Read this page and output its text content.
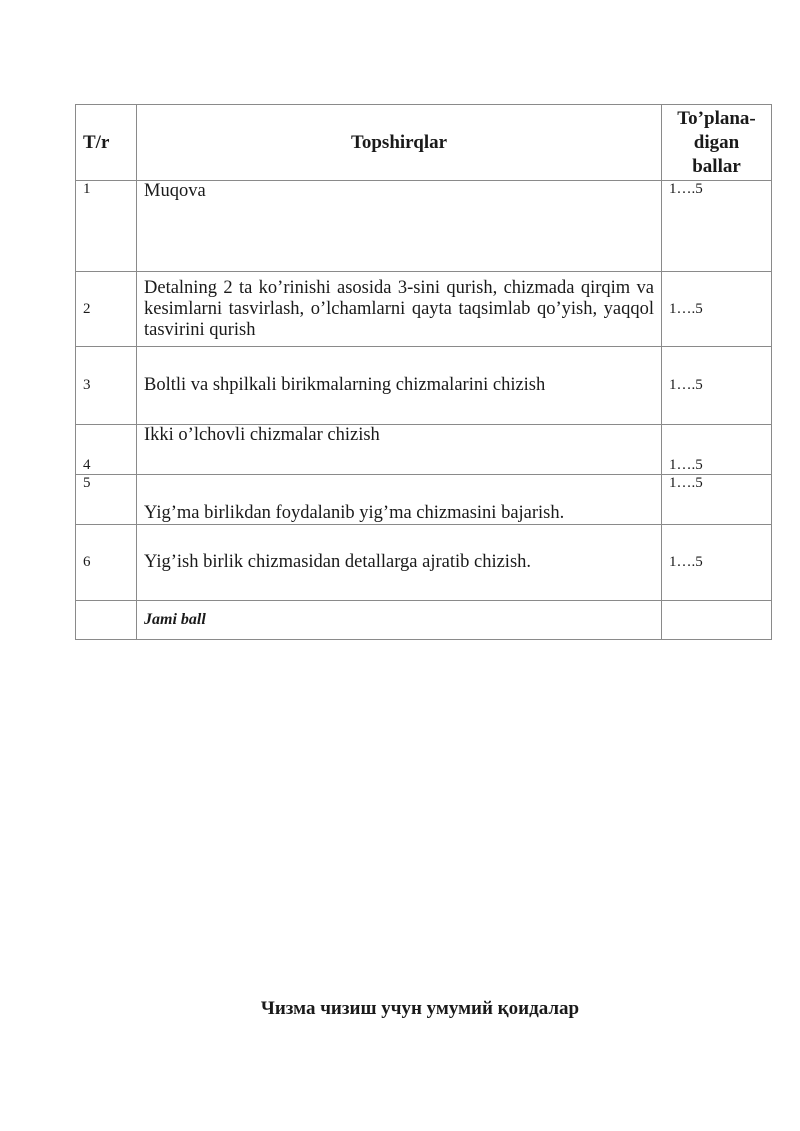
T/r	Topshirqlar	To’plana-
digan
ballar

1	Muqova	1….5
2	Detalning 2 ta ko’rinishi asosida 3-sini qurish, chizmada qirqim va kesimlarni tasvirlash, o’lchamlarni qayta taqsimlab qo’yish, yaqqol tasvirini qurish	1….5
3	Boltli va shpilkali birikmalarning chizmalarini chizish	1….5
4	Ikki o’lchovli chizmalar chizish	1….5
5	Yig’ma birlikdan foydalanib yig’ma chizmasini bajarish.	1….5
6	Yig’ish birlik chizmasidan detallarga ajratib chizish.	1….5
	Jami ball	
Чизма чизиш учун умумий қоидалар
